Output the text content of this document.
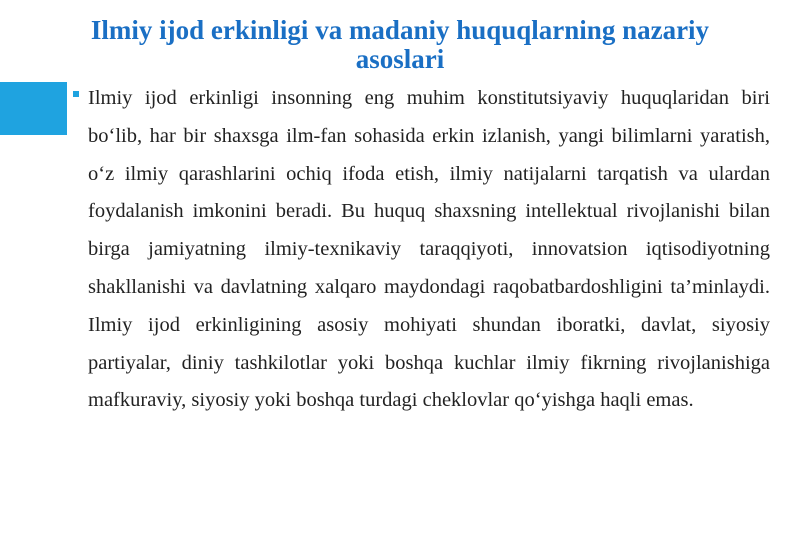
Ilmiy ijod erkinligi va madaniy huquqlarning nazariy asoslari

Ilmiy ijod erkinligi insonning eng muhim konstitutsiyaviy huquqlaridan biri bo‘lib, har bir shaxsga ilm-fan sohasida erkin izlanish, yangi bilimlarni yaratish, o‘z ilmiy qarashlarini ochiq ifoda etish, ilmiy natijalarni tarqatish va ulardan foydalanish imkonini beradi. Bu huquq shaxsning intellektual rivojlanishi bilan birga jamiyatning ilmiy-texnikaviy taraqqiyoti, innovatsion iqtisodiyotning shakllanishi va davlatning xalqaro maydondagi raqobatbardoshligini ta’minlaydi. Ilmiy ijod erkinligining asosiy mohiyati shundan iboratki, davlat, siyosiy partiyalar, diniy tashkilotlar yoki boshqa kuchlar ilmiy fikrning rivojlanishiga mafkuraviy, siyosiy yoki boshqa turdagi cheklovlar qo‘yishga haqli emas.
